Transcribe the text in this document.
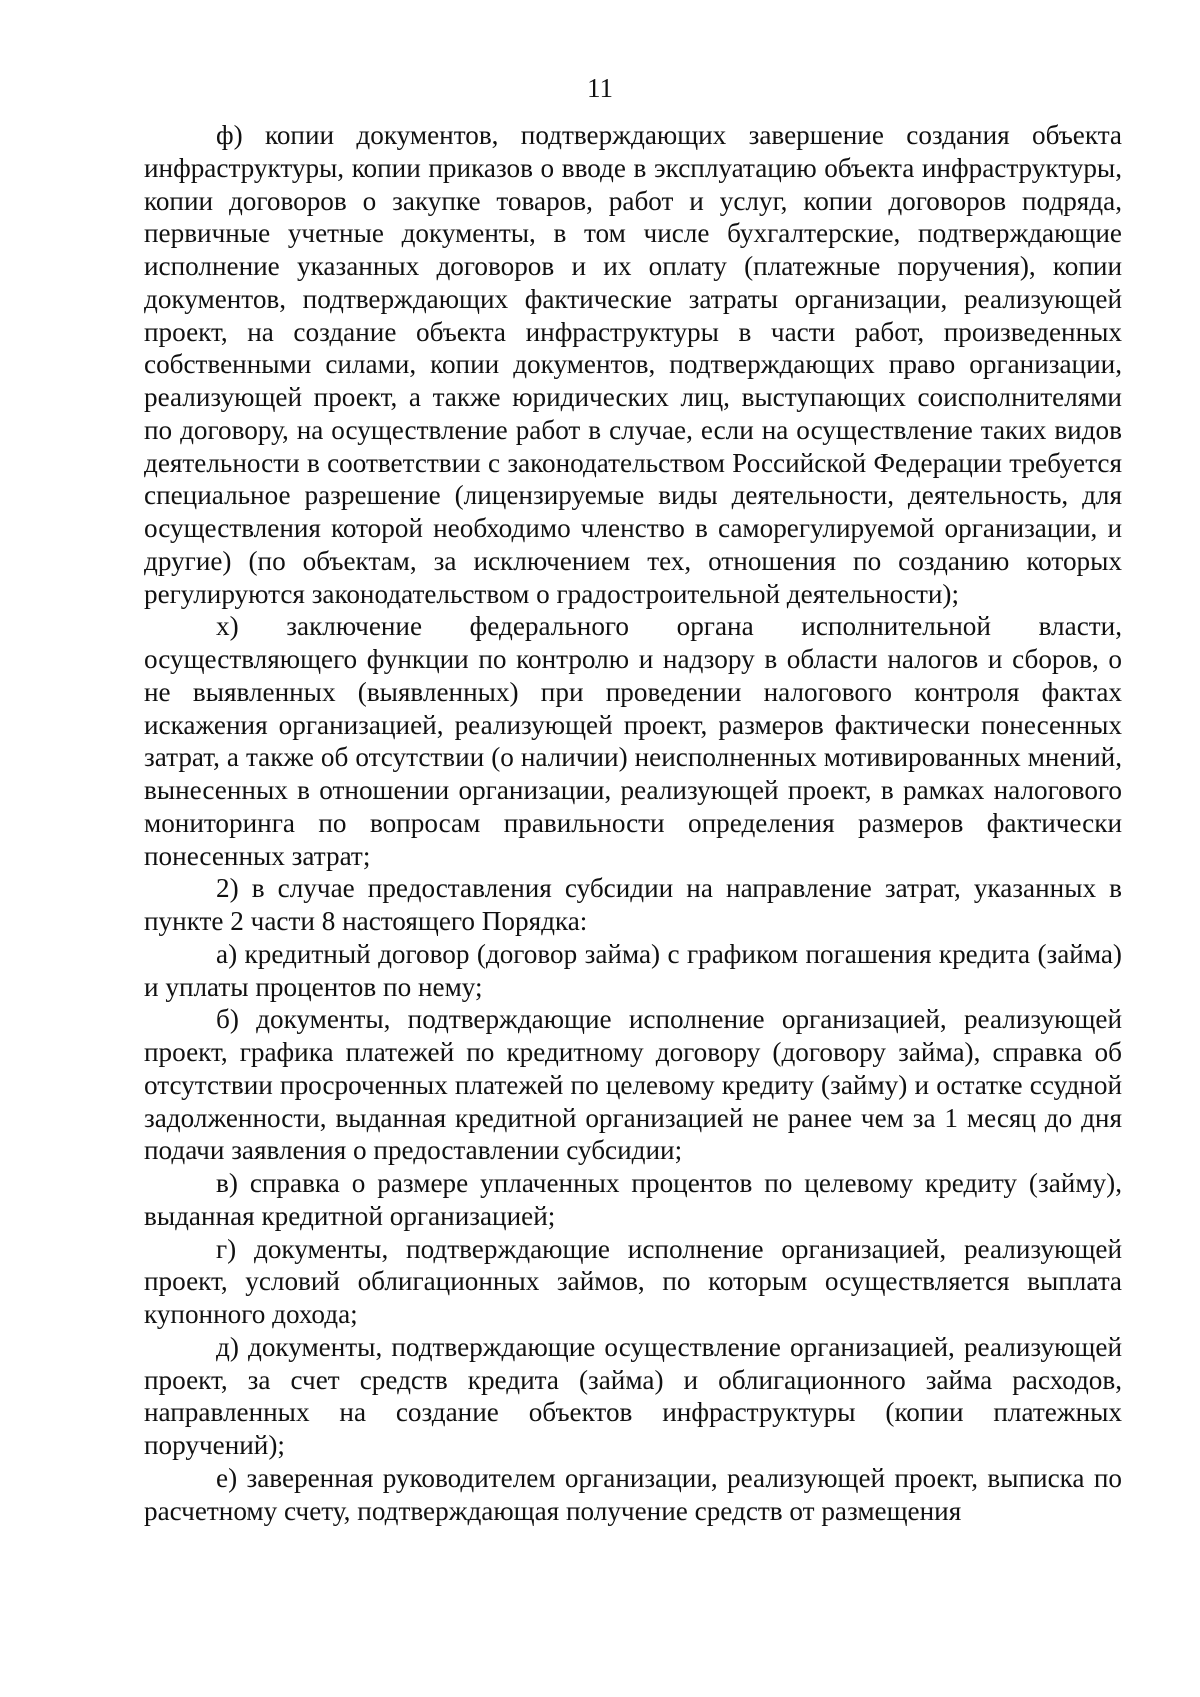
11

ф) копии документов, подтверждающих завершение создания объекта инфраструктуры, копии приказов о вводе в эксплуатацию объекта инфраструктуры, копии договоров о закупке товаров, работ и услуг, копии договоров подряда, первичные учетные документы, в том числе бухгалтерские, подтверждающие исполнение указанных договоров и их оплату (платежные поручения), копии документов, подтверждающих фактические затраты организации, реализующей проект, на создание объекта инфраструктуры в части работ, произведенных собственными силами, копии документов, подтверждающих право организации, реализующей проект, а также юридических лиц, выступающих соисполнителями по договору, на осуществление работ в случае, если на осуществление таких видов деятельности в соответствии с законодательством Российской Федерации требуется специальное разрешение (лицензируемые виды деятельности, деятельность, для осуществления которой необходимо членство в саморегулируемой организации, и другие) (по объектам, за исключением тех, отношения по созданию которых регулируются законодательством о градостроительной деятельности);

х) заключение федерального органа исполнительной власти, осуществляющего функции по контролю и надзору в области налогов и сборов, о не выявленных (выявленных) при проведении налогового контроля фактах искажения организацией, реализующей проект, размеров фактически понесенных затрат, а также об отсутствии (о наличии) неисполненных мотивированных мнений, вынесенных в отношении организации, реализующей проект, в рамках налогового мониторинга по вопросам правильности определения размеров фактически понесенных затрат;

2) в случае предоставления субсидии на направление затрат, указанных в пункте 2 части 8 настоящего Порядка:

а) кредитный договор (договор займа) с графиком погашения кредита (займа) и уплаты процентов по нему;

б) документы, подтверждающие исполнение организацией, реализующей проект, графика платежей по кредитному договору (договору займа), справка об отсутствии просроченных платежей по целевому кредиту (займу) и остатке ссудной задолженности, выданная кредитной организацией не ранее чем за 1 месяц до дня подачи заявления о предоставлении субсидии;

в) справка о размере уплаченных процентов по целевому кредиту (займу), выданная кредитной организацией;

г) документы, подтверждающие исполнение организацией, реализующей проект, условий облигационных займов, по которым осуществляется выплата купонного дохода;

д) документы, подтверждающие осуществление организацией, реализующей проект, за счет средств кредита (займа) и облигационного займа расходов, направленных на создание объектов инфраструктуры (копии платежных поручений);

е) заверенная руководителем организации, реализующей проект, выписка по расчетному счету, подтверждающая получение средств от размещения
